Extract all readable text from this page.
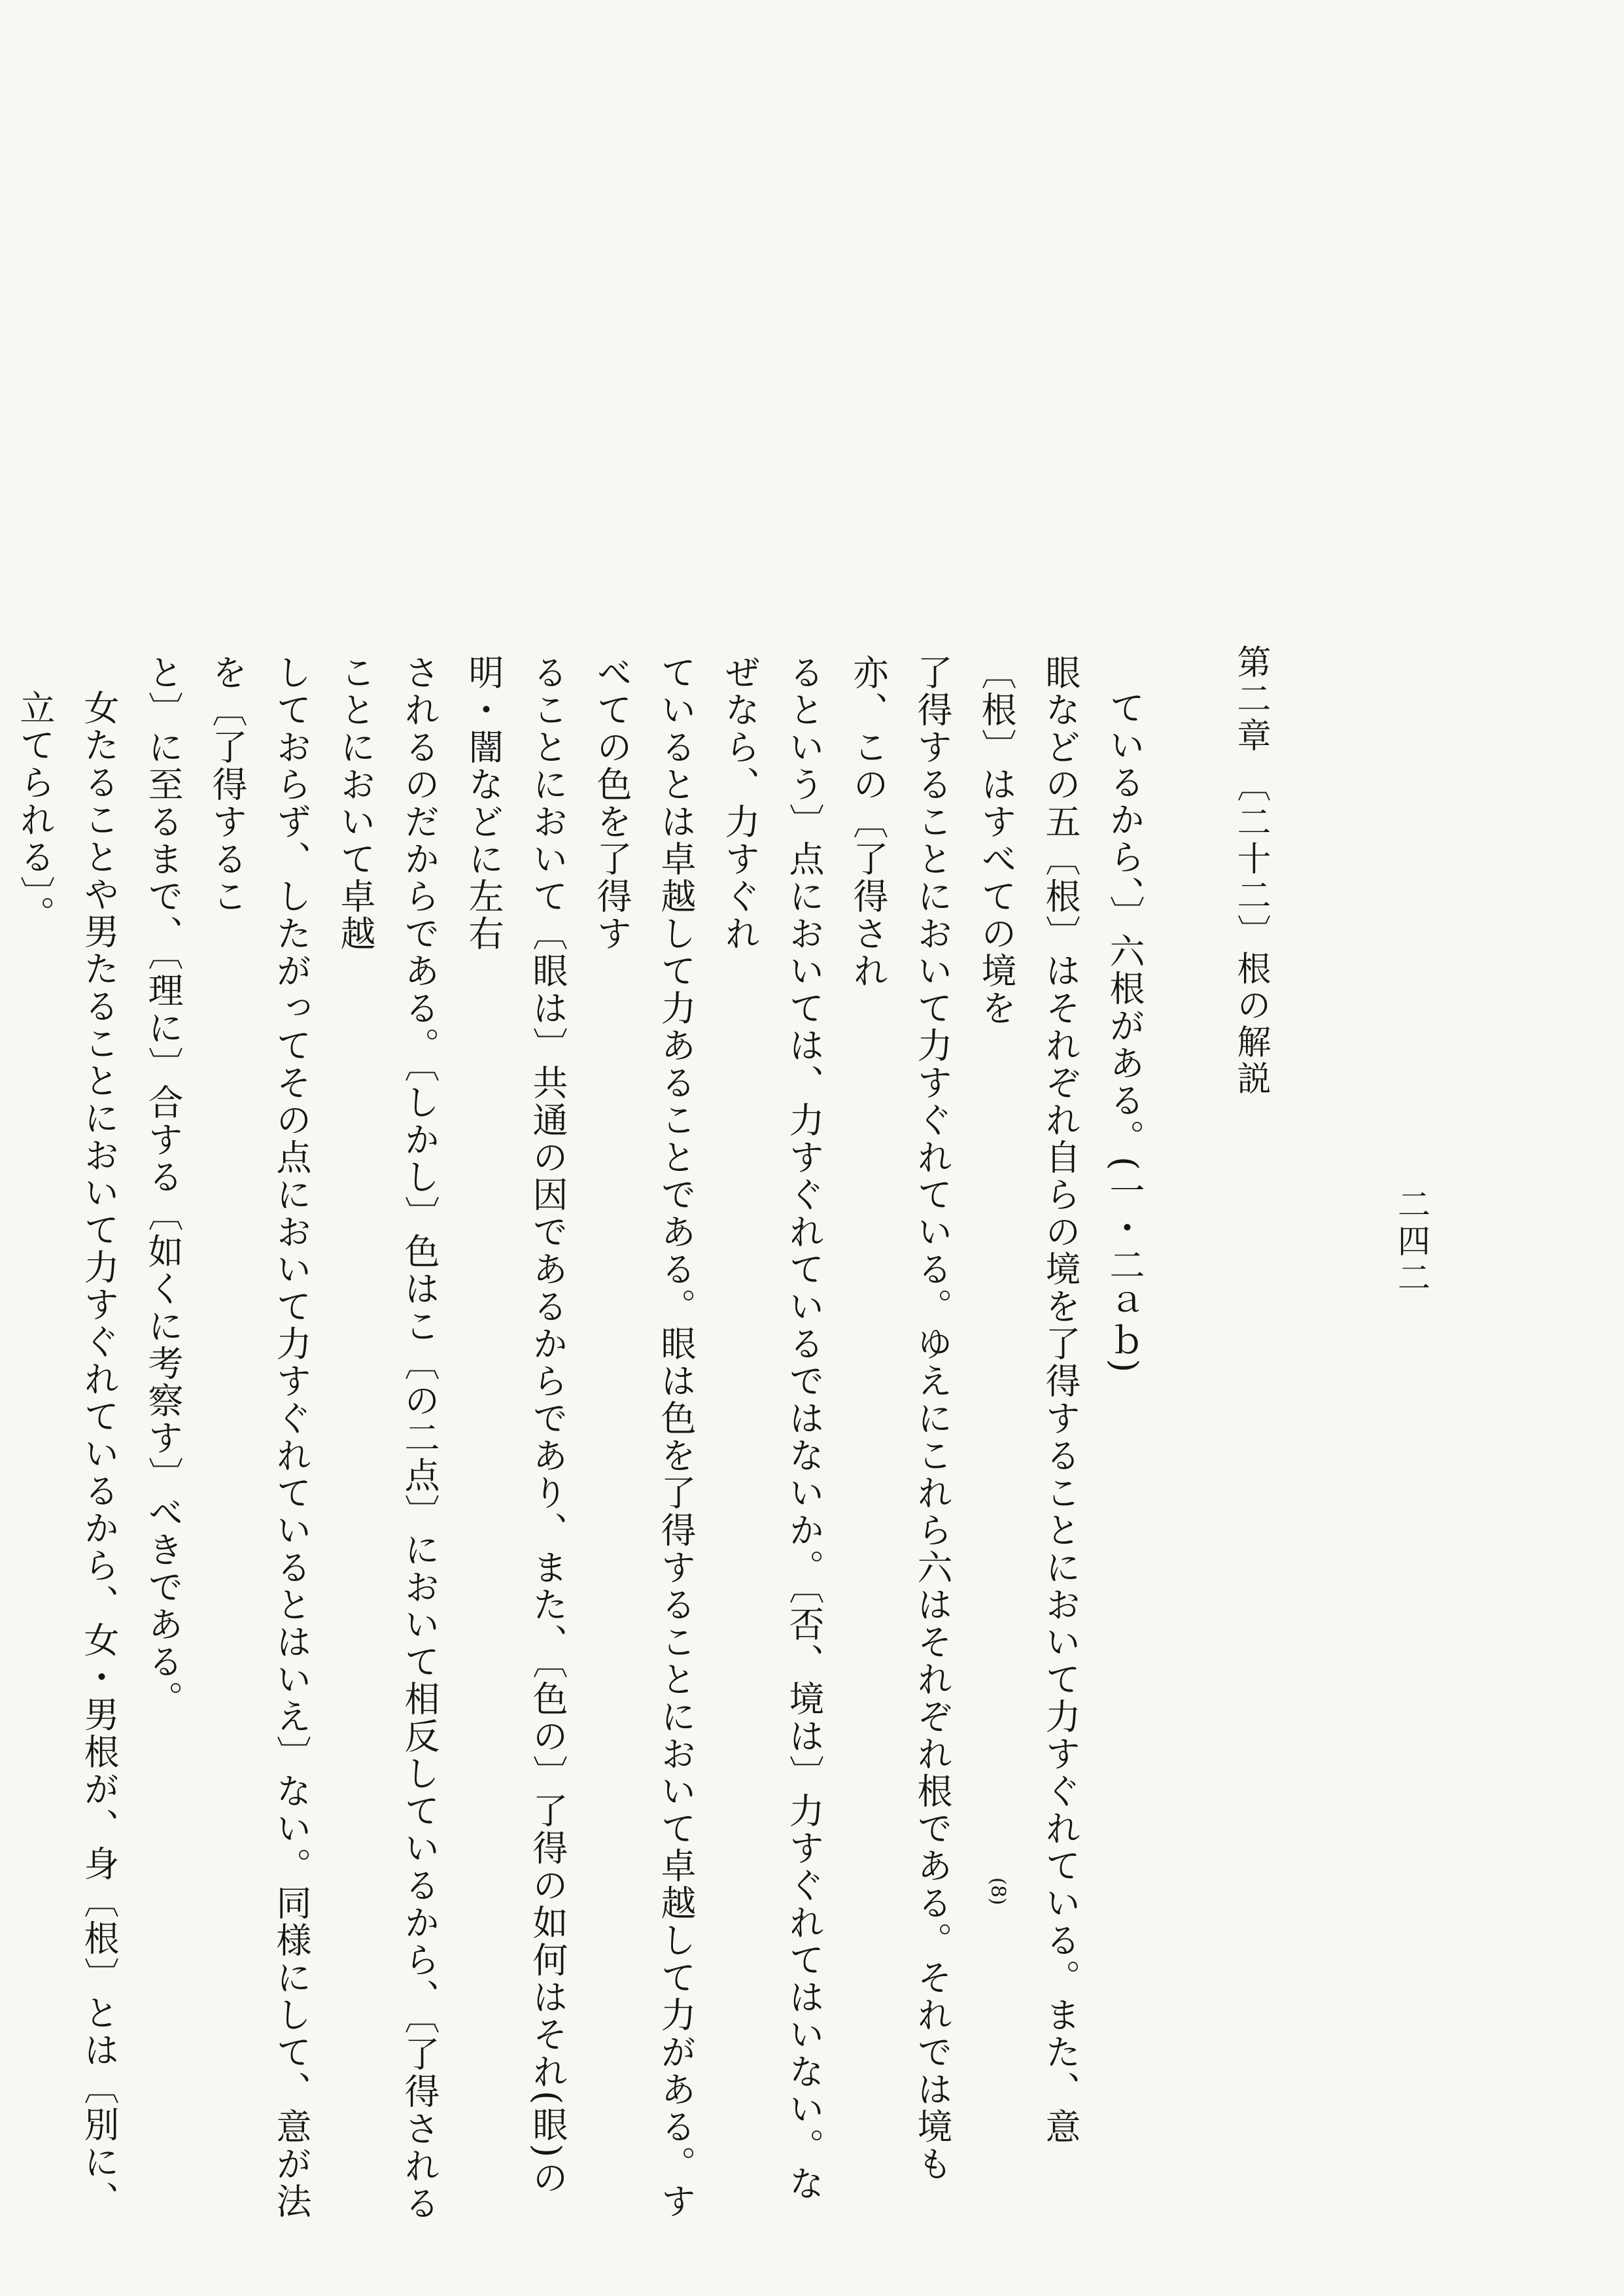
第二章 〔二十二〕根の解説
二四二

ているから、〕六根がある。(一・二ａｂ)

眼などの五〔根〕はそれぞれ自らの境を了得することにおいて力すぐれている。また、意〔根〕はすべての境を

了得することにおいて力すぐれている。ゆえにこれら六はそれぞれ根である。それでは境も亦、この〔了得され

るという〕点においては、力すぐれているではないか。〔否、境は〕力すぐれてはいない。なぜなら、力すぐれ

ているとは卓越して力あることである。眼は色を了得することにおいて卓越して力がある。すべての色を了得す

ることにおいて〔眼は〕共通の因であるからであり、また、〔色の〕了得の如何はそれ(眼)の明・闇などに左右

されるのだからである。〔しかし〕色はこ〔の二点〕において相反しているから、〔了得されることにおいて卓越

しておらず、したがってその点において力すぐれているとはいえ〕ない。同様にして、意が法を〔了得するこ

と〕に至るまで、〔理に〕合する〔如くに考察す〕べきである。

女たることや男たることにおいて力すぐれているから、女・男根が、身〔根〕とは〔別に、立てられる〕。

(8)
